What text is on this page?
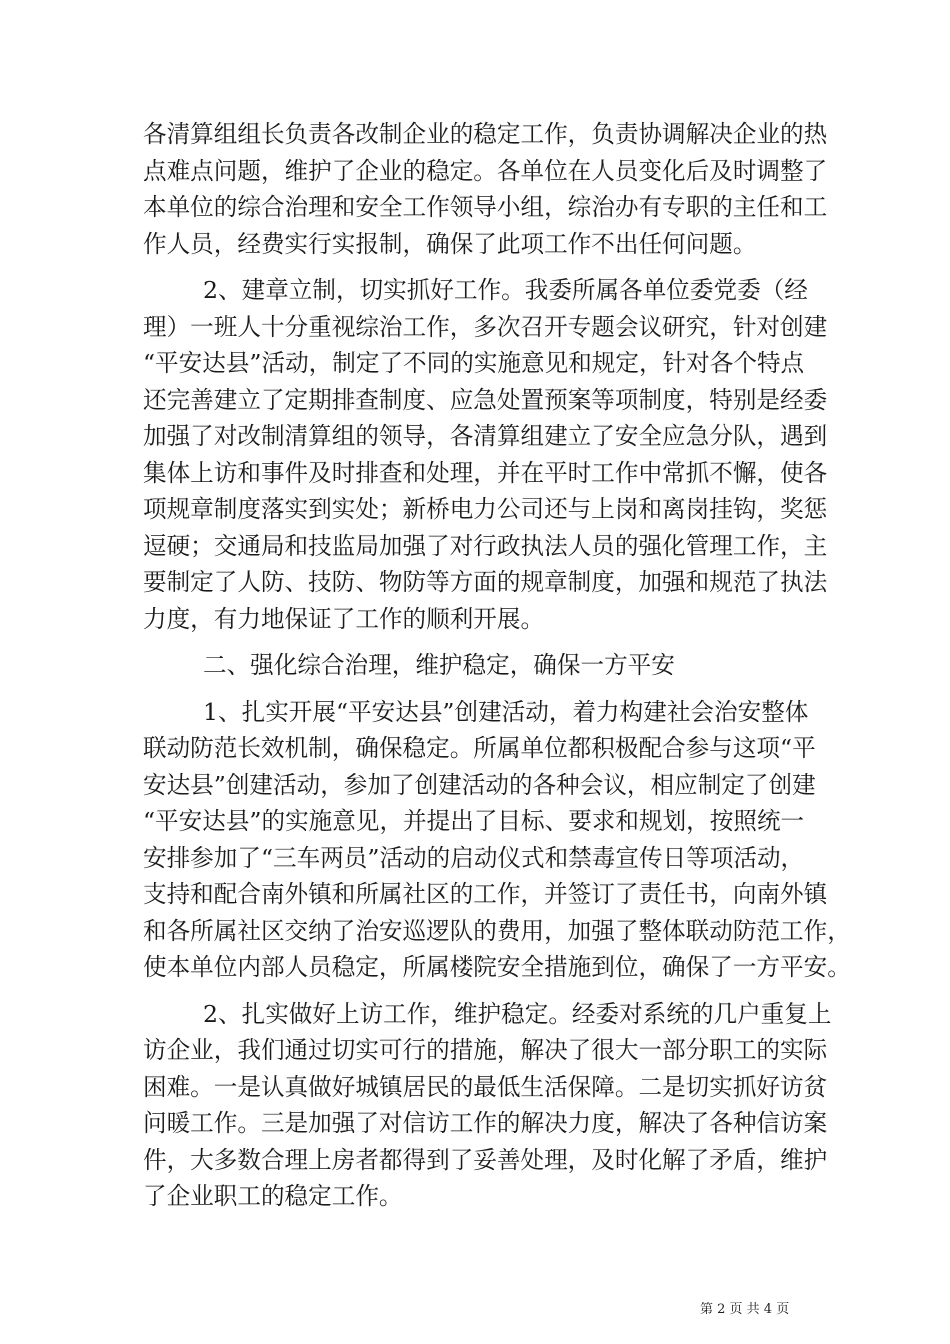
各清算组组长负责各改制企业的稳定工作，负责协调解决企业的热
点难点问题，维护了企业的稳定。各单位在人员变化后及时调整了
本单位的综合治理和安全工作领导小组，综治办有专职的主任和工
作人员，经费实行实报制，确保了此项工作不出任何问题。
2、建章立制，切实抓好工作。我委所属各单位委党委（经
理）一班人十分重视综治工作，多次召开专题会议研究，针对创建
“平安达县”活动，制定了不同的实施意见和规定，针对各个特点
还完善建立了定期排查制度、应急处置预案等项制度，特别是经委
加强了对改制清算组的领导，各清算组建立了安全应急分队，遇到
集体上访和事件及时排查和处理，并在平时工作中常抓不懈，使各
项规章制度落实到实处；新桥电力公司还与上岗和离岗挂钩，奖惩
逗硬；交通局和技监局加强了对行政执法人员的强化管理工作，主
要制定了人防、技防、物防等方面的规章制度，加强和规范了执法
力度，有力地保证了工作的顺利开展。
二、强化综合治理，维护稳定，确保一方平安
1、扎实开展“平安达县”创建活动，着力构建社会治安整体
联动防范长效机制，确保稳定。所属单位都积极配合参与这项“平
安达县”创建活动，参加了创建活动的各种会议，相应制定了创建
“平安达县”的实施意见，并提出了目标、要求和规划，按照统一
安排参加了“三车两员”活动的启动仪式和禁毒宣传日等项活动，
支持和配合南外镇和所属社区的工作，并签订了责任书，向南外镇
和各所属社区交纳了治安巡逻队的费用，加强了整体联动防范工作，
使本单位内部人员稳定，所属楼院安全措施到位，确保了一方平安。
2、扎实做好上访工作，维护稳定。经委对系统的几户重复上
访企业，我们通过切实可行的措施，解决了很大一部分职工的实际
困难。一是认真做好城镇居民的最低生活保障。二是切实抓好访贫
问暖工作。三是加强了对信访工作的解决力度，解决了各种信访案
件，大多数合理上房者都得到了妥善处理，及时化解了矛盾，维护
了企业职工的稳定工作。
第 2 页 共 4 页
